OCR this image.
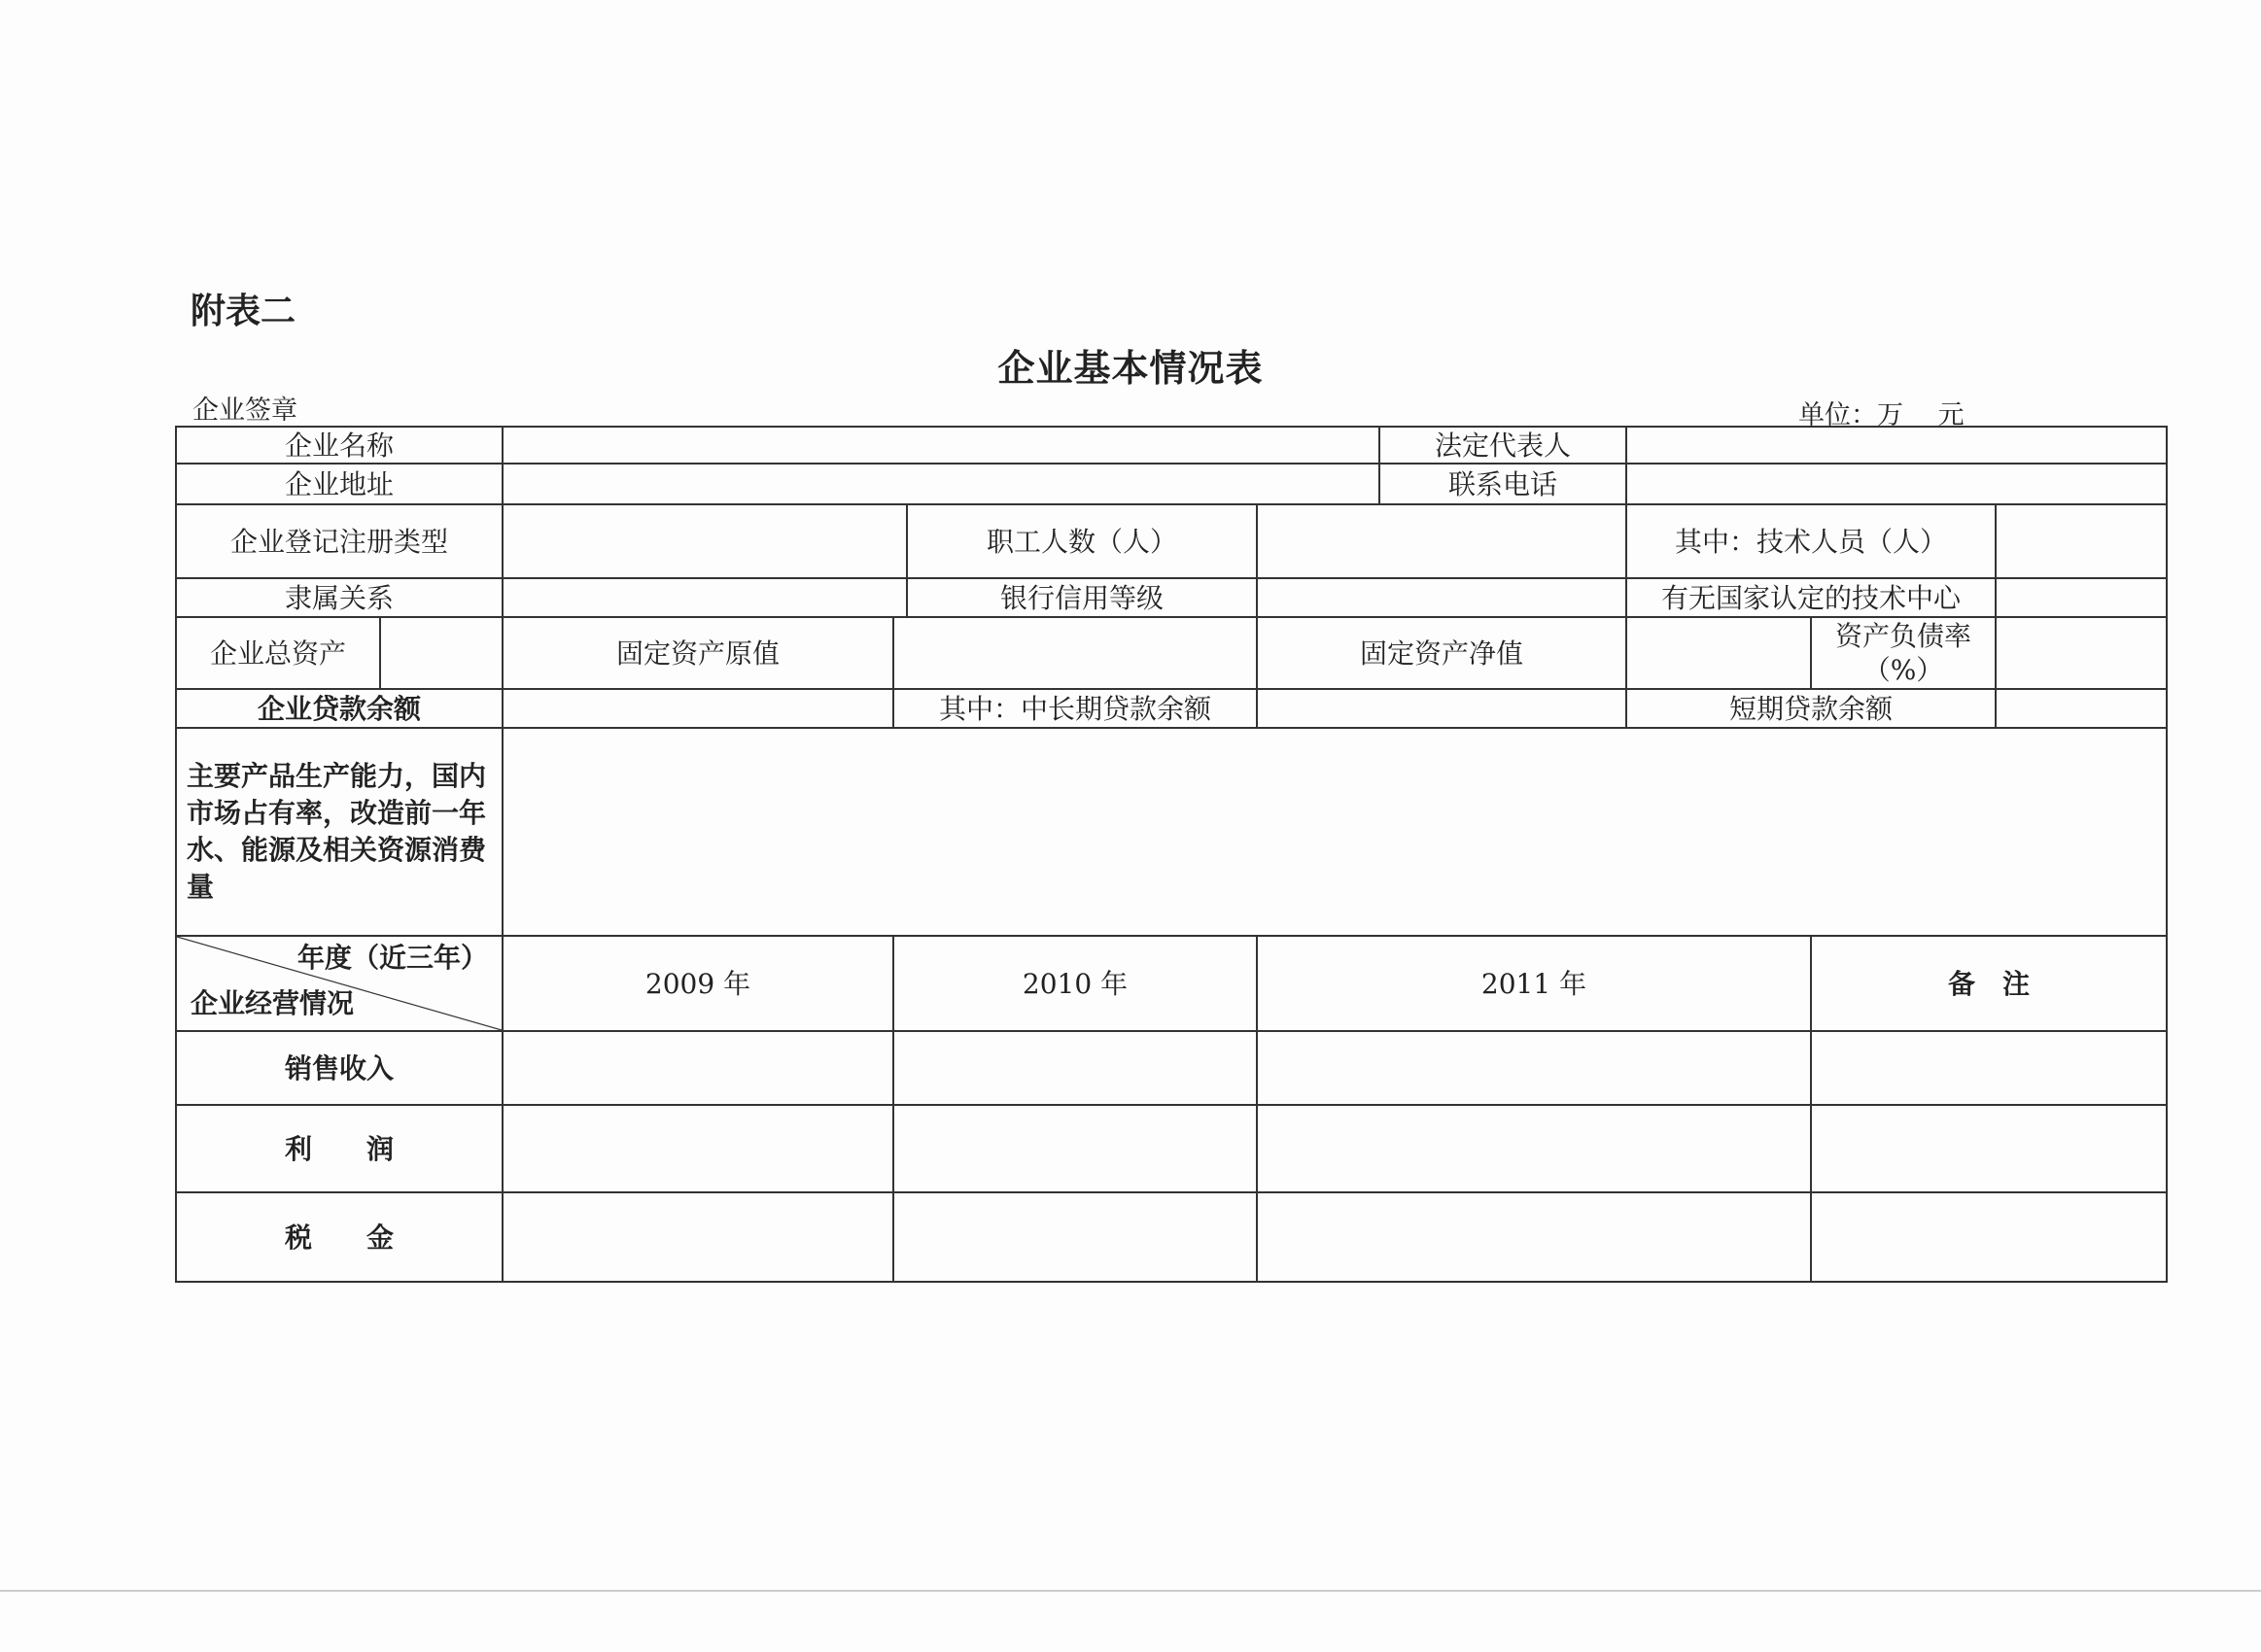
附表二
企业基本情况表
企业签章	单位：万　 元
企业名称						法定代表人			
企业地址						联系电话			
企业登记注册类型				职工人数（人）			其中：技术人员（人）		
隶属关系				银行信用等级			有无国家认定的技术中心		
企业总资产		固定资产原值			固定资产净值			资产负债率（%）	
企业贷款余额			其中：中长期贷款余额				短期贷款余额		
主要产品生产能力，国内市场占有率，改造前一年水、能源及相关资源消费量									

年度（近三年）
企业经营情况		2009 年	2010 年		2011 年			备　注	
销售收入									
利　　润									
税　　金									
